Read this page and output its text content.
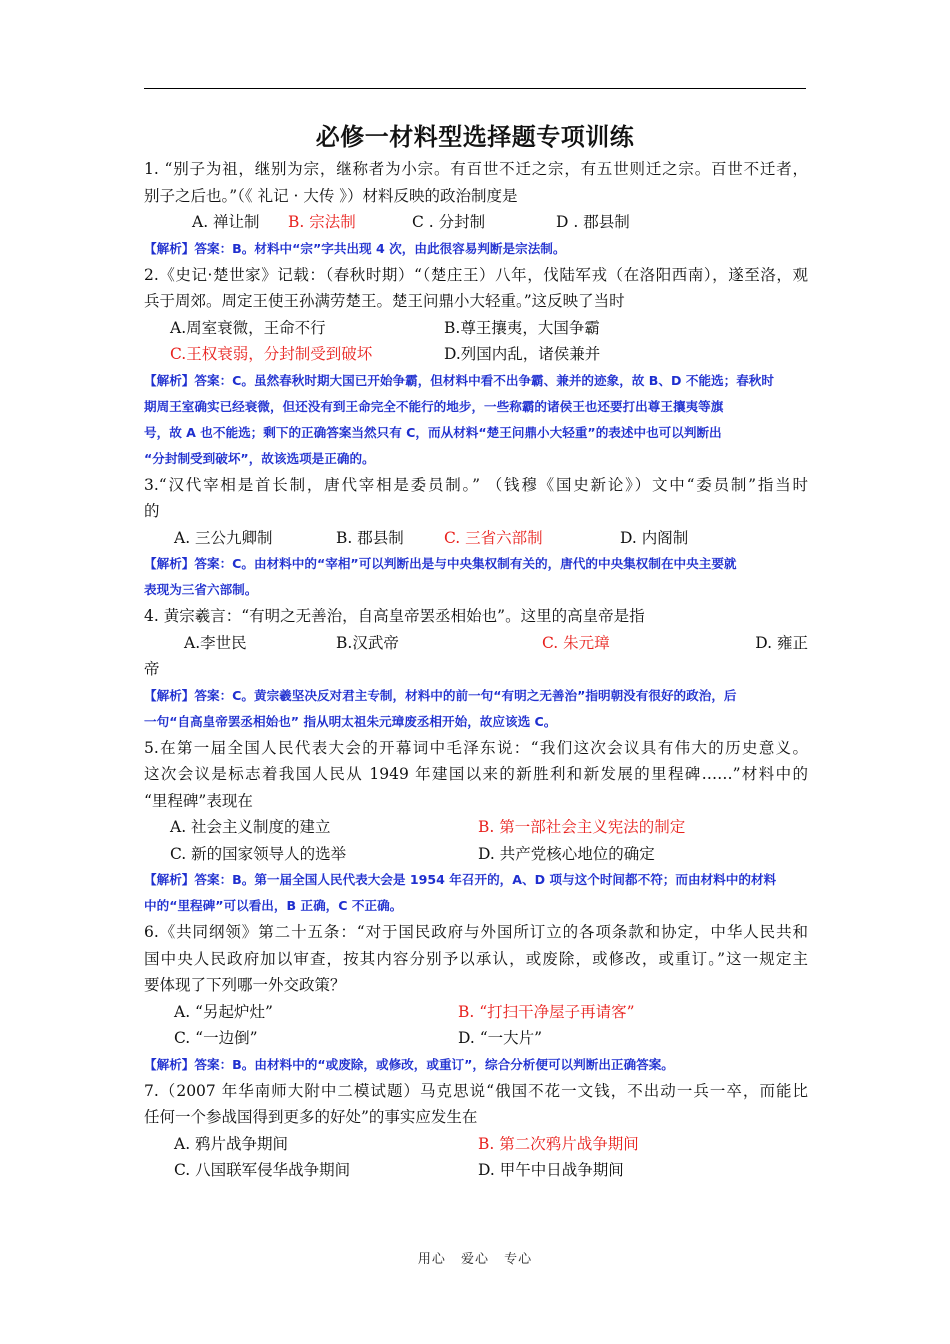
必修一材料型选择题专项训练
1. “别子为祖，继别为宗，继称者为小宗。有百世不迁之宗，有五世则迁之宗。百世不迁者，
别子之后也。”（《 礼记 · 大传 》）材料反映的政治制度是
A. 禅让制	B. 宗法制	C . 分封制	D . 郡县制
【解析】答案：B。材料中“宗”字共出现 4 次，由此很容易判断是宗法制。
2.《史记·楚世家》记载：（春秋时期）“（楚庄王）八年，伐陆军戎（在洛阳西南），遂至洛，观
兵于周郊。周定王使王孙满劳楚王。楚王问鼎小大轻重。”这反映了当时
A.周室衰微，王命不行	B.尊王攘夷，大国争霸
C.王权衰弱，分封制受到破坏	D.列国内乱，诸侯兼并
【解析】答案：C。虽然春秋时期大国已开始争霸，但材料中看不出争霸、兼并的迹象，故 B、D 不能选；春秋时
期周王室确实已经衰微，但还没有到王命完全不能行的地步，一些称霸的诸侯王也还要打出尊王攘夷等旗
号，故 A 也不能选；剩下的正确答案当然只有 C，而从材料“楚王问鼎小大轻重”的表述中也可以判断出
“分封制受到破坏”，故该选项是正确的。
3.“汉代宰相是首长制，唐代宰相是委员制。” （钱穆《国史新论》）文中“委员制”指当时
的
A. 三公九卿制	B. 郡县制	C. 三省六部制	D. 内阁制
【解析】答案：C。由材料中的“宰相”可以判断出是与中央集权制有关的，唐代的中央集权制在中央主要就
表现为三省六部制。
4. 黄宗羲言：“有明之无善治，自高皇帝罢丞相始也”。这里的高皇帝是指
A.李世民	B.汉武帝	C. 朱元璋	D. 雍正
帝
【解析】答案：C。黄宗羲坚决反对君主专制，材料中的前一句“有明之无善治”指明朝没有很好的政治，后
一句“自高皇帝罢丞相始也” 指从明太祖朱元璋废丞相开始，故应该选 C。
5.在第一届全国人民代表大会的开幕词中毛泽东说：“我们这次会议具有伟大的历史意义。
这次会议是标志着我国人民从 1949 年建国以来的新胜利和新发展的里程碑……”材料中的
“里程碑”表现在
A. 社会主义制度的建立	B. 第一部社会主义宪法的制定
C. 新的国家领导人的选举	D. 共产党核心地位的确定
【解析】答案：B。第一届全国人民代表大会是 1954 年召开的，A、D 项与这个时间都不符；而由材料中的材料
中的“里程碑”可以看出，B 正确，C 不正确。
6.《共同纲领》第二十五条：“对于国民政府与外国所订立的各项条款和协定，中华人民共和
国中央人民政府加以审查，按其内容分别予以承认，或废除，或修改，或重订。”这一规定主
要体现了下列哪一外交政策？
A. “另起炉灶”	B. “打扫干净屋子再请客”
C. “一边倒”	D. “一大片”
【解析】答案：B。由材料中的“或废除，或修改，或重订”，综合分析便可以判断出正确答案。
7.（2007 年华南师大附中二模试题）马克思说“俄国不花一文钱，不出动一兵一卒，而能比
任何一个参战国得到更多的好处”的事实应发生在
A. 鸦片战争期间	B. 第二次鸦片战争期间
C. 八国联军侵华战争期间	D. 甲午中日战争期间
用心 爱心 专心
